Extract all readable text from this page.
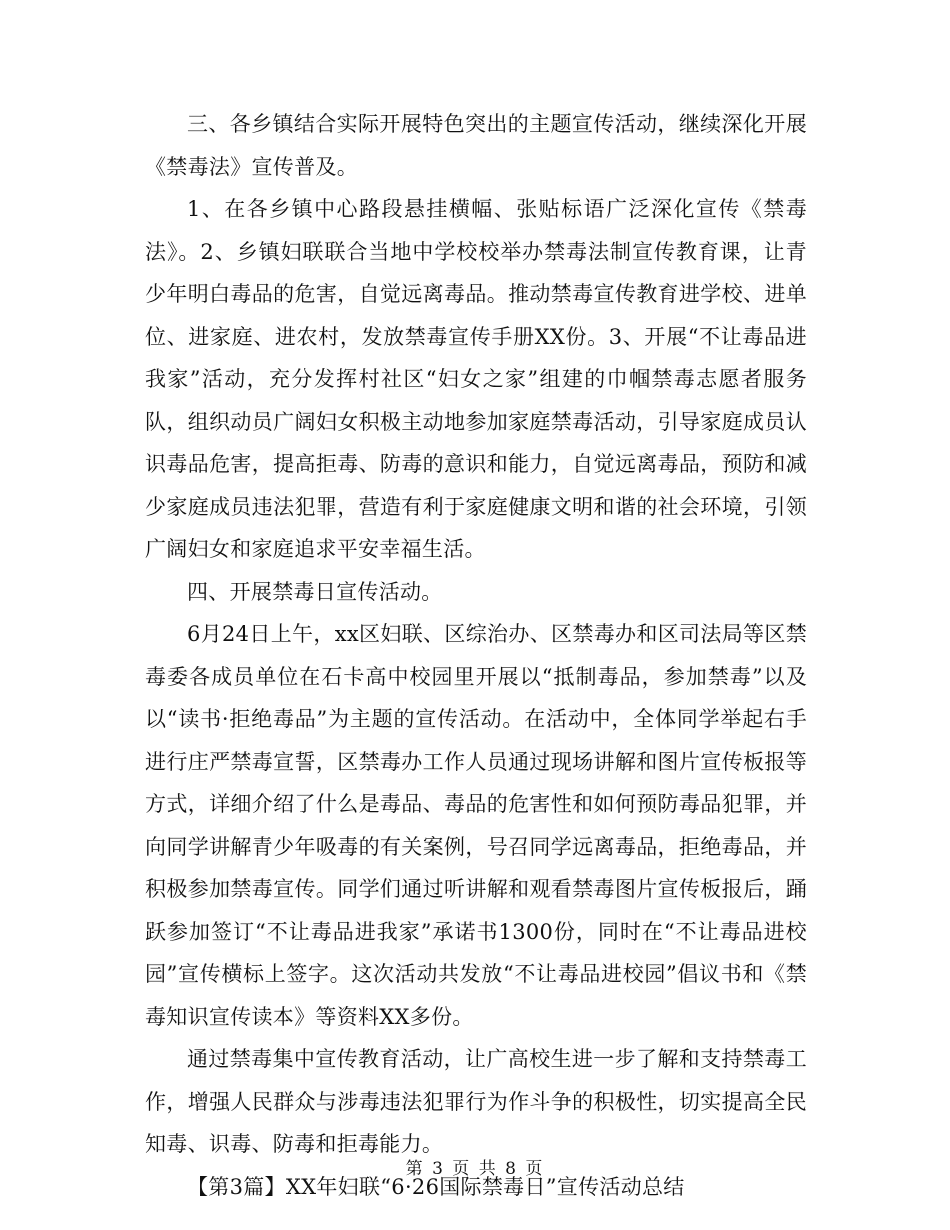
三、各乡镇结合实际开展特色突出的主题宣传活动，继续深化开展《禁毒法》宣传普及。

1、在各乡镇中心路段悬挂横幅、张贴标语广泛深化宣传《禁毒法》。2、乡镇妇联联合当地中学校校举办禁毒法制宣传教育课，让青少年明白毒品的危害，自觉远离毒品。推动禁毒宣传教育进学校、进单位、进家庭、进农村，发放禁毒宣传手册XX份。3、开展“不让毒品进我家”活动，充分发挥村社区“妇女之家”组建的巾帼禁毒志愿者服务队，组织动员广阔妇女积极主动地参加家庭禁毒活动，引导家庭成员认识毒品危害，提高拒毒、防毒的意识和能力，自觉远离毒品，预防和减少家庭成员违法犯罪，营造有利于家庭健康文明和谐的社会环境，引领广阔妇女和家庭追求平安幸福生活。

四、开展禁毒日宣传活动。

6月24日上午，xx区妇联、区综治办、区禁毒办和区司法局等区禁毒委各成员单位在石卡高中校园里开展以“抵制毒品，参加禁毒”以及以“读书·拒绝毒品”为主题的宣传活动。在活动中，全体同学举起右手进行庄严禁毒宣誓，区禁毒办工作人员通过现场讲解和图片宣传板报等方式，详细介绍了什么是毒品、毒品的危害性和如何预防毒品犯罪，并向同学讲解青少年吸毒的有关案例，号召同学远离毒品，拒绝毒品，并积极参加禁毒宣传。同学们通过听讲解和观看禁毒图片宣传板报后，踊跃参加签订“不让毒品进我家”承诺书1300份，同时在“不让毒品进校园”宣传横标上签字。这次活动共发放“不让毒品进校园”倡议书和《禁毒知识宣传读本》等资料XX多份。

通过禁毒集中宣传教育活动，让广高校生进一步了解和支持禁毒工作，增强人民群众与涉毒违法犯罪行为作斗争的积极性，切实提高全民知毒、识毒、防毒和拒毒能力。

【第3篇】XX年妇联“6·26国际禁毒日”宣传活动总结

第 3 页 共 8 页
